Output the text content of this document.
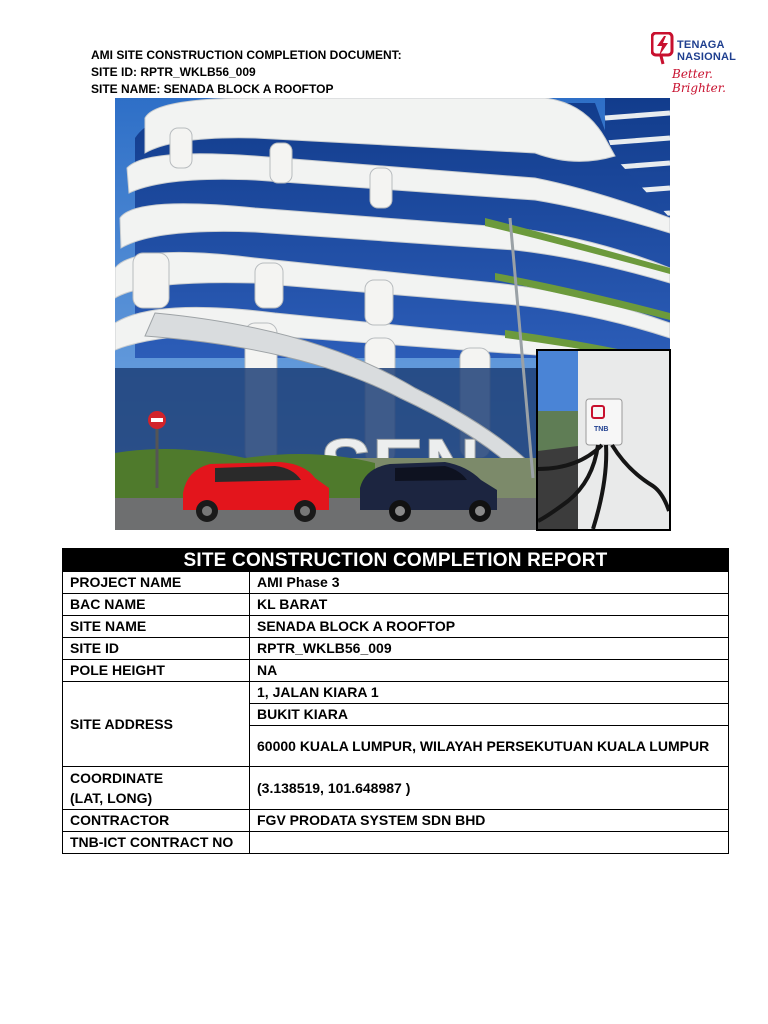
AMI SITE CONSTRUCTION COMPLETION DOCUMENT:
SITE ID: RPTR_WKLB56_009
SITE NAME: SENADA BLOCK A ROOFTOP
TENAGA
NASIONAL
Better. Brighter.
TNB
SITE CONSTRUCTION COMPLETION REPORT	
PROJECT NAME	AMI Phase 3
BAC NAME	KL BARAT
SITE NAME	SENADA BLOCK A ROOFTOP
SITE ID	RPTR_WKLB56_009
POLE HEIGHT	NA
SITE ADDRESS	1, JALAN KIARA 1
	BUKIT KIARA
	60000 KUALA LUMPUR, WILAYAH PERSEKUTUAN KUALA LUMPUR

COORDINATE
(LAT, LONG)	(3.138519, 101.648987 )
CONTRACTOR	FGV PRODATA SYSTEM SDN BHD
TNB-ICT CONTRACT NO	
